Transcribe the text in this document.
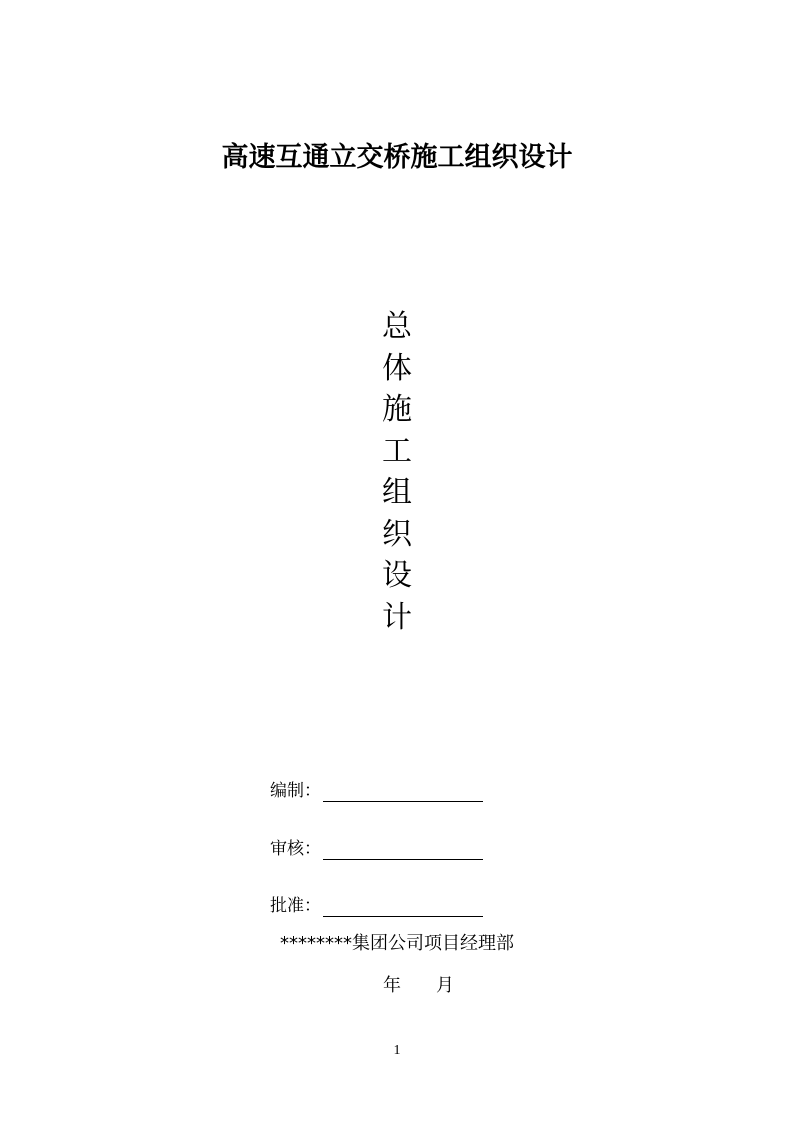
高速互通立交桥施工组织设计
总
体
施
工
组
织
设
计
编制：
审核：
批准：
********集团公司项目经理部
年 月
1
